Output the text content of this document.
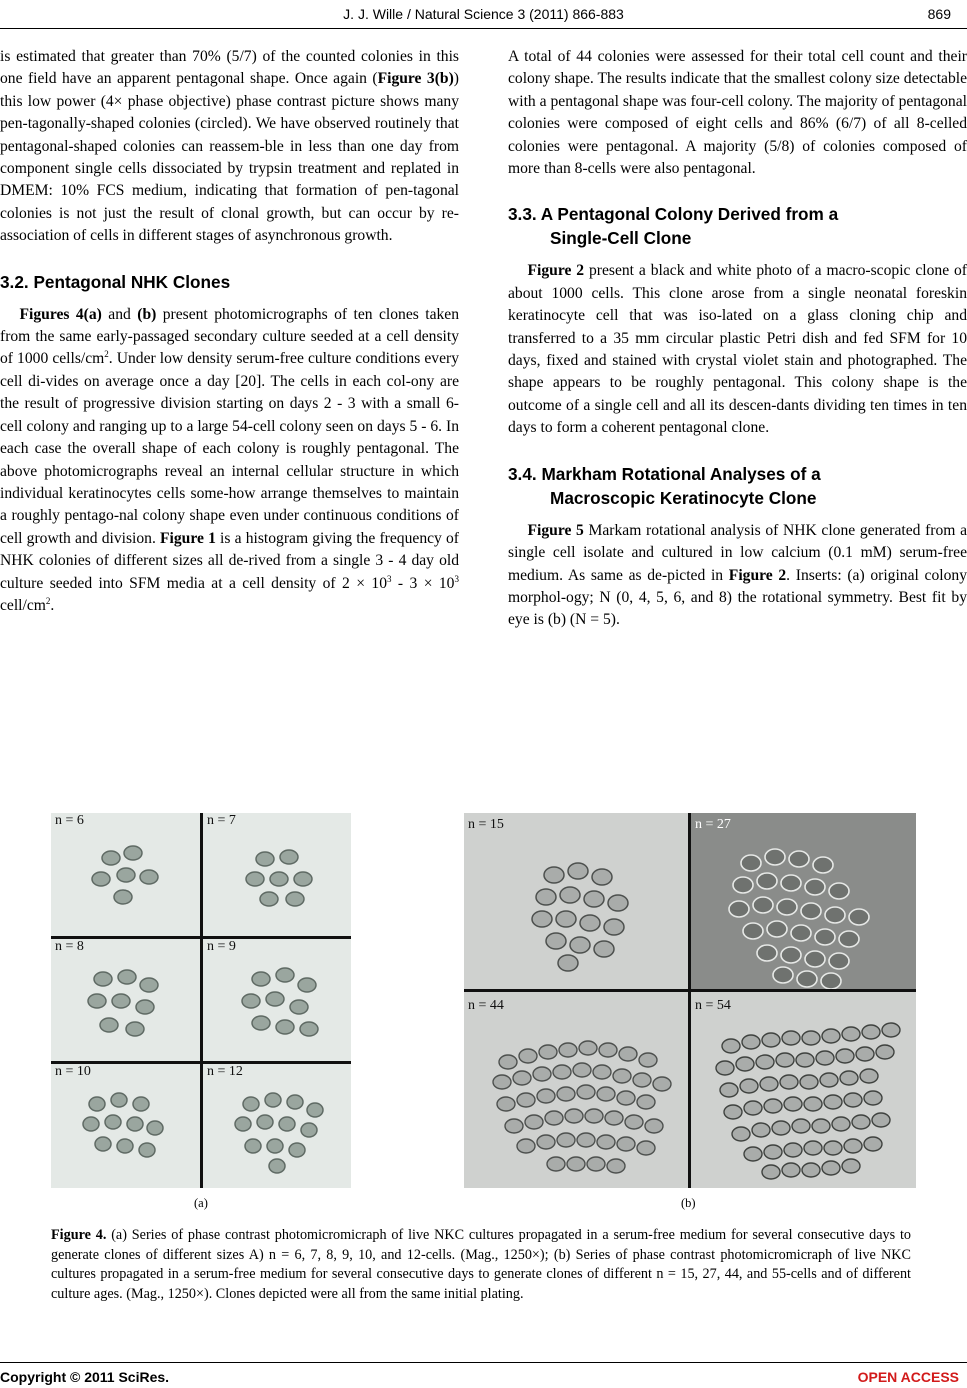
J. J. Wille / Natural Science 3 (2011) 866-883	869

is estimated that greater than 70% (5/7) of the counted colonies in this one field have an apparent pentagonal shape. Once again (Figure 3(b)) this low power (4× phase objective) phase contrast picture shows many pen-tagonally-shaped colonies (circled). We have observed routinely that pentagonal-shaped colonies can reassem-ble in less than one day from component single cells dissociated by trypsin treatment and replated in DMEM: 10% FCS medium, indicating that formation of pen-tagonal colonies is not just the result of clonal growth, but can occur by re-association of cells in different stages of asynchronous growth.

3.2. Pentagonal NHK Clones

Figures 4(a) and (b) present photomicrographs of ten clones taken from the same early-passaged secondary culture seeded at a cell density of 1000 cells/$cm^2$. Under low density serum-free culture conditions every cell di-vides on average once a day [20]. The cells in each col-ony are the result of progressive division starting on days 2 - 3 with a small 6-cell colony and ranging up to a large 54-cell colony seen on days 5 - 6. In each case the overall shape of each colony is roughly pentagonal. The above photomicrographs reveal an internal cellular structure in which individual keratinocytes cells some-how arrange themselves to maintain a roughly pentago-nal colony shape even under continuous conditions of cell growth and division. Figure 1 is a histogram giving the frequency of NHK colonies of different sizes all de-rived from a single 3 - 4 day old culture seeded into SFM media at a cell density of $2 \times 10^3 - 3 \times 10^3$ cell/$cm^2$.

A total of 44 colonies were assessed for their total cell count and their colony shape. The results indicate that the smallest colony size detectable with a pentagonal shape was four-cell colony. The majority of pentagonal colonies were composed of eight cells and 86% (6/7) of all 8-celled colonies were pentagonal. A majority (5/8) of colonies composed of more than 8-cells were also pentagonal.

3.3. A Pentagonal Colony Derived from a
Single-Cell Clone

Figure 2 present a black and white photo of a macro-scopic clone of about 1000 cells. This clone arose from a single neonatal foreskin keratinocyte cell that was iso-lated on a glass cloning chip and transferred to a 35 mm circular plastic Petri dish and fed SFM for 10 days, fixed and stained with crystal violet stain and photographed. The shape appears to be roughly pentagonal. This colony shape is the outcome of a single cell and all its descen-dants dividing ten times in ten days to form a coherent pentagonal clone.

3.4. Markham Rotational Analyses of a
Macroscopic Keratinocyte Clone

Figure 5 Markam rotational analysis of NHK clone generated from a single cell isolate and cultured in low calcium (0.1 mM) serum-free medium. As same as de-picted in Figure 2. Inserts: (a) original colony morphol-ogy; N (0, 4, 5, 6, and 8) the rotational symmetry. Best fit by eye is (b) (N = 5).

n = 6	n = 7
n = 8	n = 9
n = 10	n = 12
(a)
n = 15	n = 27
n = 44	n = 54
(b)
Figure 4. (a) Series of phase contrast photomicromicraph of live NKC cultures propagated in a serum-free medium for several consecutive days to generate clones of different sizes A) n = 6, 7, 8, 9, 10, and 12-cells. (Mag., 1250×); (b) Series of phase contrast photomicromicraph of live NKC cultures propagated in a serum-free medium for several consecutive days to generate clones of different n = 15, 27, 44, and 55-cells and of different culture ages. (Mag., 1250×). Clones depicted were all from the same initial plating.
Copyright © 2011 SciRes.	OPEN ACCESS
